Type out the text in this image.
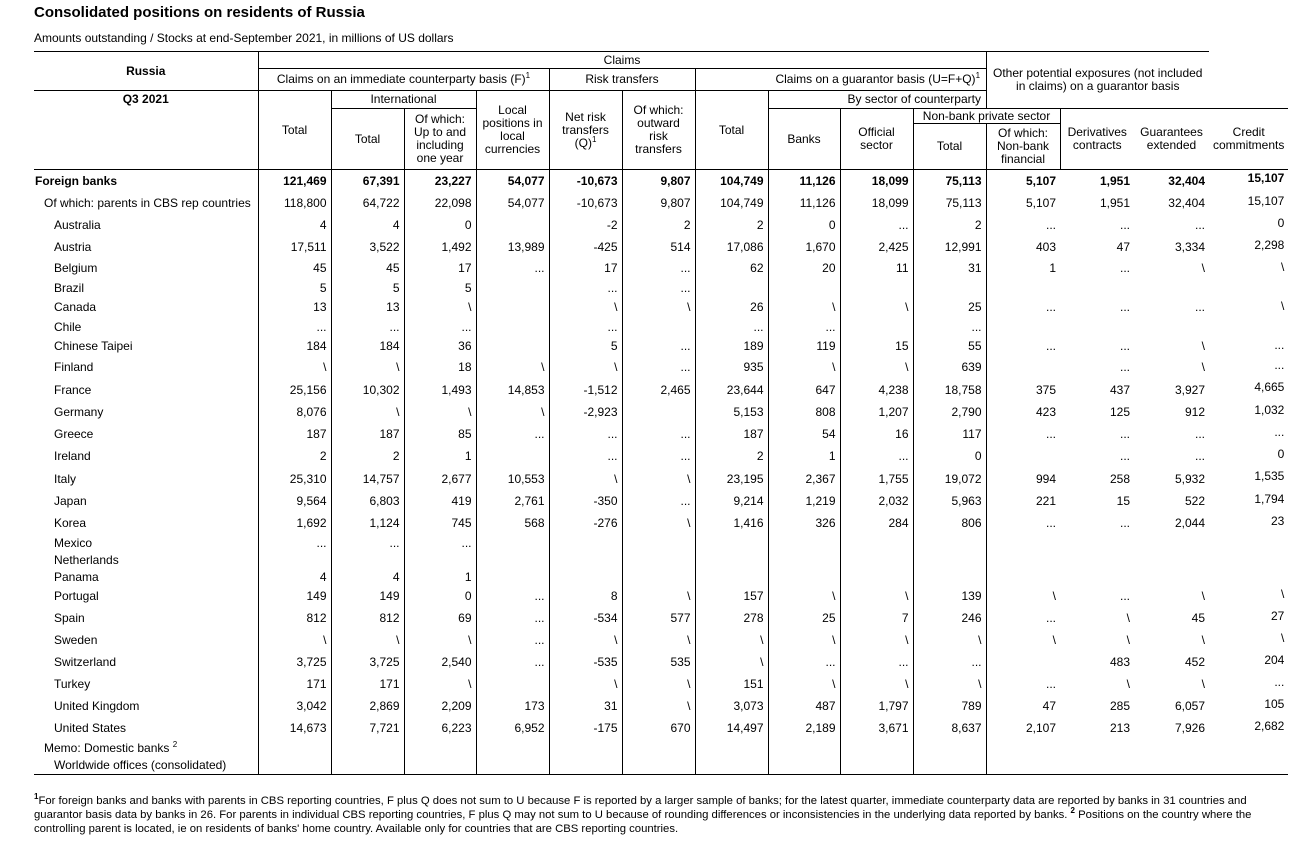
Consolidated positions on residents of Russia
Amounts outstanding / Stocks at end-September 2021, in millions of US dollars
Russia	Claims										Other potential exposures (not included in claims) on a guarantor basis			
	Claims on an immediate counterparty basis $(F)^1$				Risk transfers		Claims on a guarantor basis (U=F+Q)$^1$
Q3 2021	Total	International		Local positions in local currencies	Net risk transfers $(Q)^1$	Of which: outward risk transfers	Total	By sector of counterparty						
		Total	Of which: Up to and including one year					Banks	Official sector	Non-bank private sector		Derivatives contracts	Guarantees extended	Credit commitments
										Total	Of which: Non-bank financial			
Foreign banks	121,469	67,391	23,227	54,077	-10,673	9,807	104,749	11,126	18,099	75,113	5,107	1,951	32,404	15,107
Of which: parents in CBS rep countries	118,800	64,722	22,098	54,077	-10,673	9,807	104,749	11,126	18,099	75,113	5,107	1,951	32,404	15,107
Australia	4	4	0		-2	2	2	0	...	2	...	...	...	0
Austria	17,511	3,522	1,492	13,989	-425	514	17,086	1,670	2,425	12,991	403	47	3,334	2,298
Belgium	45	45	17	...	17	...	62	20	11	31	1	...	\	\
Brazil	5	5	5		...	...								
Canada	13	13	\		\	\	26	\	\	25	...	...	...	\
Chile	...	...	...		...		...	...		...				
Chinese Taipei	184	184	36		5	...	189	119	15	55	...	...	\	...
Finland	\	\	18	\	\	...	935	\	\	639		...	\	...
France	25,156	10,302	1,493	14,853	-1,512	2,465	23,644	647	4,238	18,758	375	437	3,927	4,665
Germany	8,076	\	\	\	-2,923		5,153	808	1,207	2,790	423	125	912	1,032
Greece	187	187	85	...	...	...	187	54	16	117	...	...	...	...
Ireland	2	2	1		...	...	2	1	...	0		...	...	0
Italy	25,310	14,757	2,677	10,553	\	\	23,195	2,367	1,755	19,072	994	258	5,932	1,535
Japan	9,564	6,803	419	2,761	-350	...	9,214	1,219	2,032	5,963	221	15	522	1,794
Korea	1,692	1,124	745	568	-276	\	1,416	326	284	806	...	...	2,044	23
Mexico	...	...	...											
Netherlands														
Panama	4	4	1											
Portugal	149	149	0	...	8	\	157	\	\	139	\	...	\	\
Spain	812	812	69	...	-534	577	278	25	7	246	...	\	45	27
Sweden	\	\	\	...	\	\	\	\	\	\	\	\	\	\
Switzerland	3,725	3,725	2,540	...	-535	535	\	...	...	...		483	452	204
Turkey	171	171	\		\	\	151	\	\	\	...	\	\	...
United Kingdom	3,042	2,869	2,209	173	31	\	3,073	487	1,797	789	47	285	6,057	105
United States	14,673	7,721	6,223	6,952	-175	670	14,497	2,189	3,671	8,637	2,107	213	7,926	2,682
Memo: Domestic banks $^2$														
Worldwide offices (consolidated)														
$^1$For foreign banks and banks with parents in CBS reporting countries, F plus Q does not sum to U because F is reported by a larger sample of banks; for the latest quarter, immediate counterparty data are reported by banks in 31 countries and guarantor basis data by banks in 26. For parents in individual CBS reporting countries, F plus Q may not sum to U because of rounding differences or inconsistencies in the underlying data reported by banks. $^2$ Positions on the country where the controlling parent is located, ie on residents of banks' home country. Available only for countries that are CBS reporting countries.
